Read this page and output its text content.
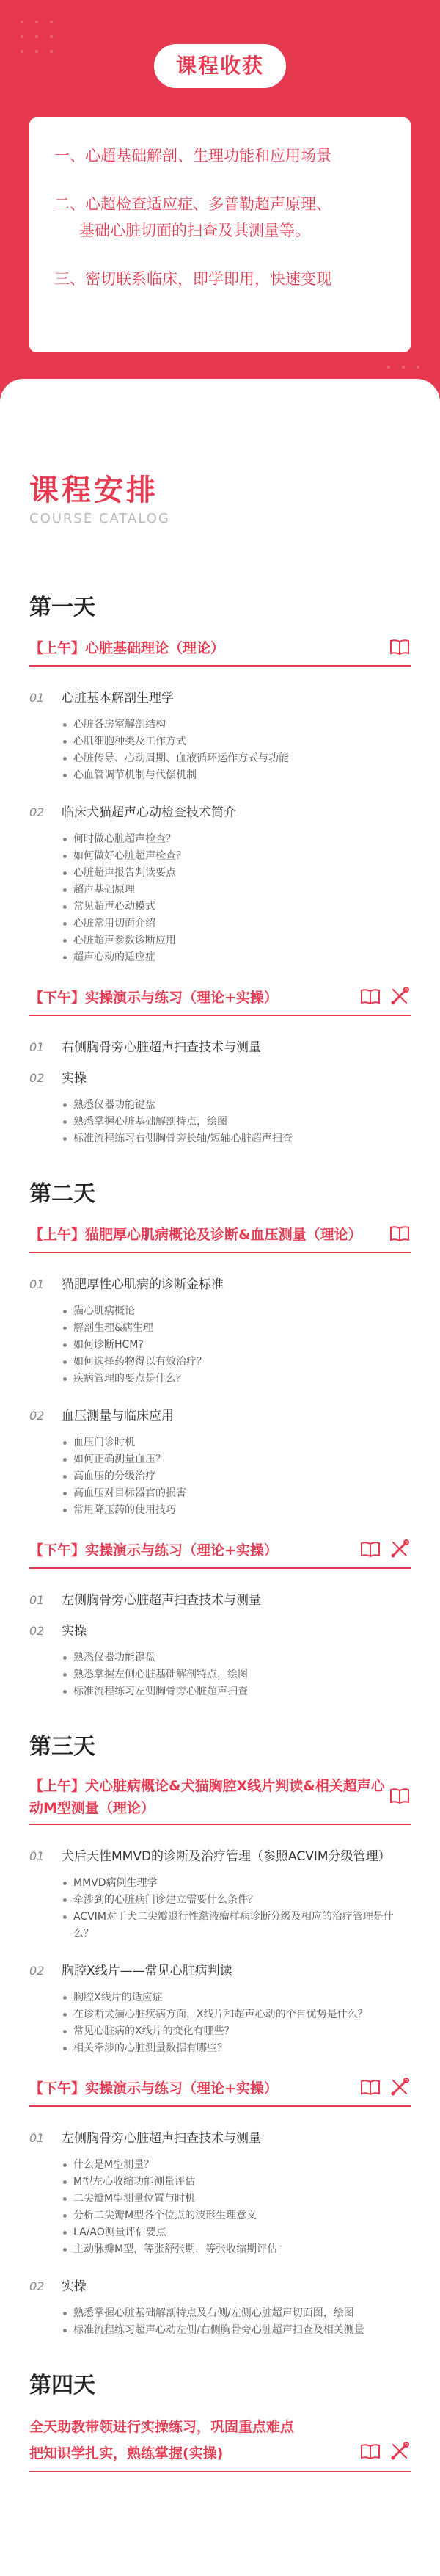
课程收获
一、心超基础解剖、生理功能和应用场景
二、心超检查适应症、多普勒超声原理、
基础心脏切面的扫查及其测量等。
三、密切联系临床，即学即用，快速变现
课程安排
COURSE CATALOG
第一天
【上午】心脏基础理论（理论）
01	心脏基本解剖生理学
心脏各房室解剖结构
心肌细胞种类及工作方式
心脏传导、心动周期、血液循环运作方式与功能
心血管调节机制与代偿机制
02	临床犬猫超声心动检查技术简介
何时做心脏超声检查？
如何做好心脏超声检查？
心脏超声报告判读要点
超声基础原理
常见超声心动模式
心脏常用切面介绍
心脏超声参数诊断应用
超声心动的适应症
【下午】实操演示与练习（理论+实操）
01	右侧胸骨旁心脏超声扫查技术与测量
02	实操
熟悉仪器功能键盘
熟悉掌握心脏基础解剖特点，绘图
标准流程练习右侧胸骨旁长轴/短轴心脏超声扫查
第二天
【上午】猫肥厚心肌病概论及诊断&血压测量（理论）
01	猫肥厚性心肌病的诊断金标准
猫心肌病概论
解剖生理&病生理
如何诊断HCM?
如何选择药物得以有效治疗？
疾病管理的要点是什么？
02	血压测量与临床应用
血压门诊时机
如何正确测量血压？
高血压的分级治疗
高血压对目标器官的损害
常用降压药的使用技巧
【下午】实操演示与练习（理论+实操）
01	左侧胸骨旁心脏超声扫查技术与测量
02	实操
熟悉仪器功能键盘
熟悉掌握左侧心脏基础解剖特点，绘图
标准流程练习左侧胸骨旁心脏超声扫查
第三天
【上午】犬心脏病概论&犬猫胸腔X线片判读&相关超声心动M型测量（理论）
01	犬后天性MMVD的诊断及治疗管理（参照ACVIM分级管理）
MMVD病例生理学
牵涉到的心脏病门诊建立需要什么条件？
ACVIM对于犬二尖瓣退行性黏液瘤样病诊断分级及相应的治疗管理是什么？
02	胸腔X线片——常见心脏病判读
胸腔X线片的适应症
在诊断犬猫心脏疾病方面，X线片和超声心动的个自优势是什么？
常见心脏病的X线片的变化有哪些？
相关牵涉的心脏测量数据有哪些？
【下午】实操演示与练习（理论+实操）
01	左侧胸骨旁心脏超声扫查技术与测量
什么是M型测量？
M型左心收缩功能测量评估
二尖瓣M型测量位置与时机
分析二尖瓣M型各个位点的波形生理意义
LA/AO测量评估要点
主动脉瓣M型，等张舒张期，等张收缩期评估
02	实操
熟悉掌握心脏基础解剖特点及右侧/左侧心脏超声切面图，绘图
标准流程练习超声心动左侧/右侧胸骨旁心脏超声扫查及相关测量
第四天
全天助教带领进行实操练习，巩固重点难点
把知识学扎实，熟练掌握(实操)
